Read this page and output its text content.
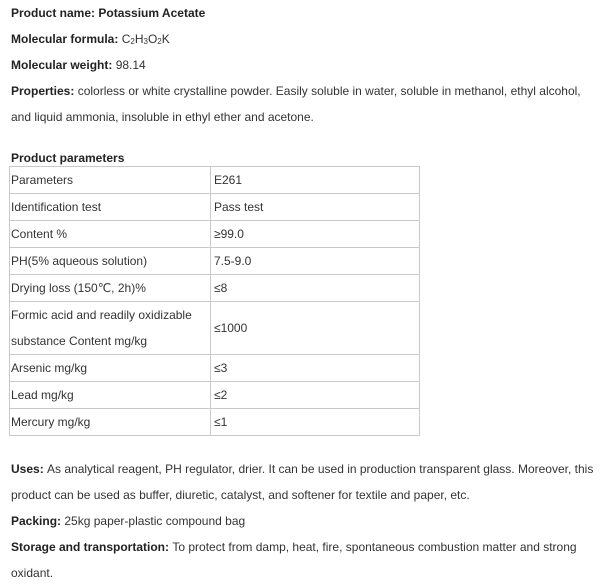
Product name: Potassium Acetate
Molecular formula: $C_2H_3O_2K$
Molecular weight: 98.14
Properties: colorless or white crystalline powder. Easily soluble in water, soluble in methanol, ethyl alcohol, and liquid ammonia, insoluble in ethyl ether and acetone.
Product parameters
Parameters	E261
Identification test	Pass test
Content %	≥99.0
PH(5% aqueous solution)	7.5-9.0
Drying loss (150℃, 2h)%	≤8
Formic acid and readily oxidizable substance Content mg/kg	≤1000
Arsenic mg/kg	≤3
Lead mg/kg	≤2
Mercury mg/kg	≤1
Uses: As analytical reagent, PH regulator, drier. It can be used in production transparent glass. Moreover, this product can be used as buffer, diuretic, catalyst, and softener for textile and paper, etc.
Packing: 25kg paper-plastic compound bag
Storage and transportation: To protect from damp, heat, fire, spontaneous combustion matter and strong oxidant.
